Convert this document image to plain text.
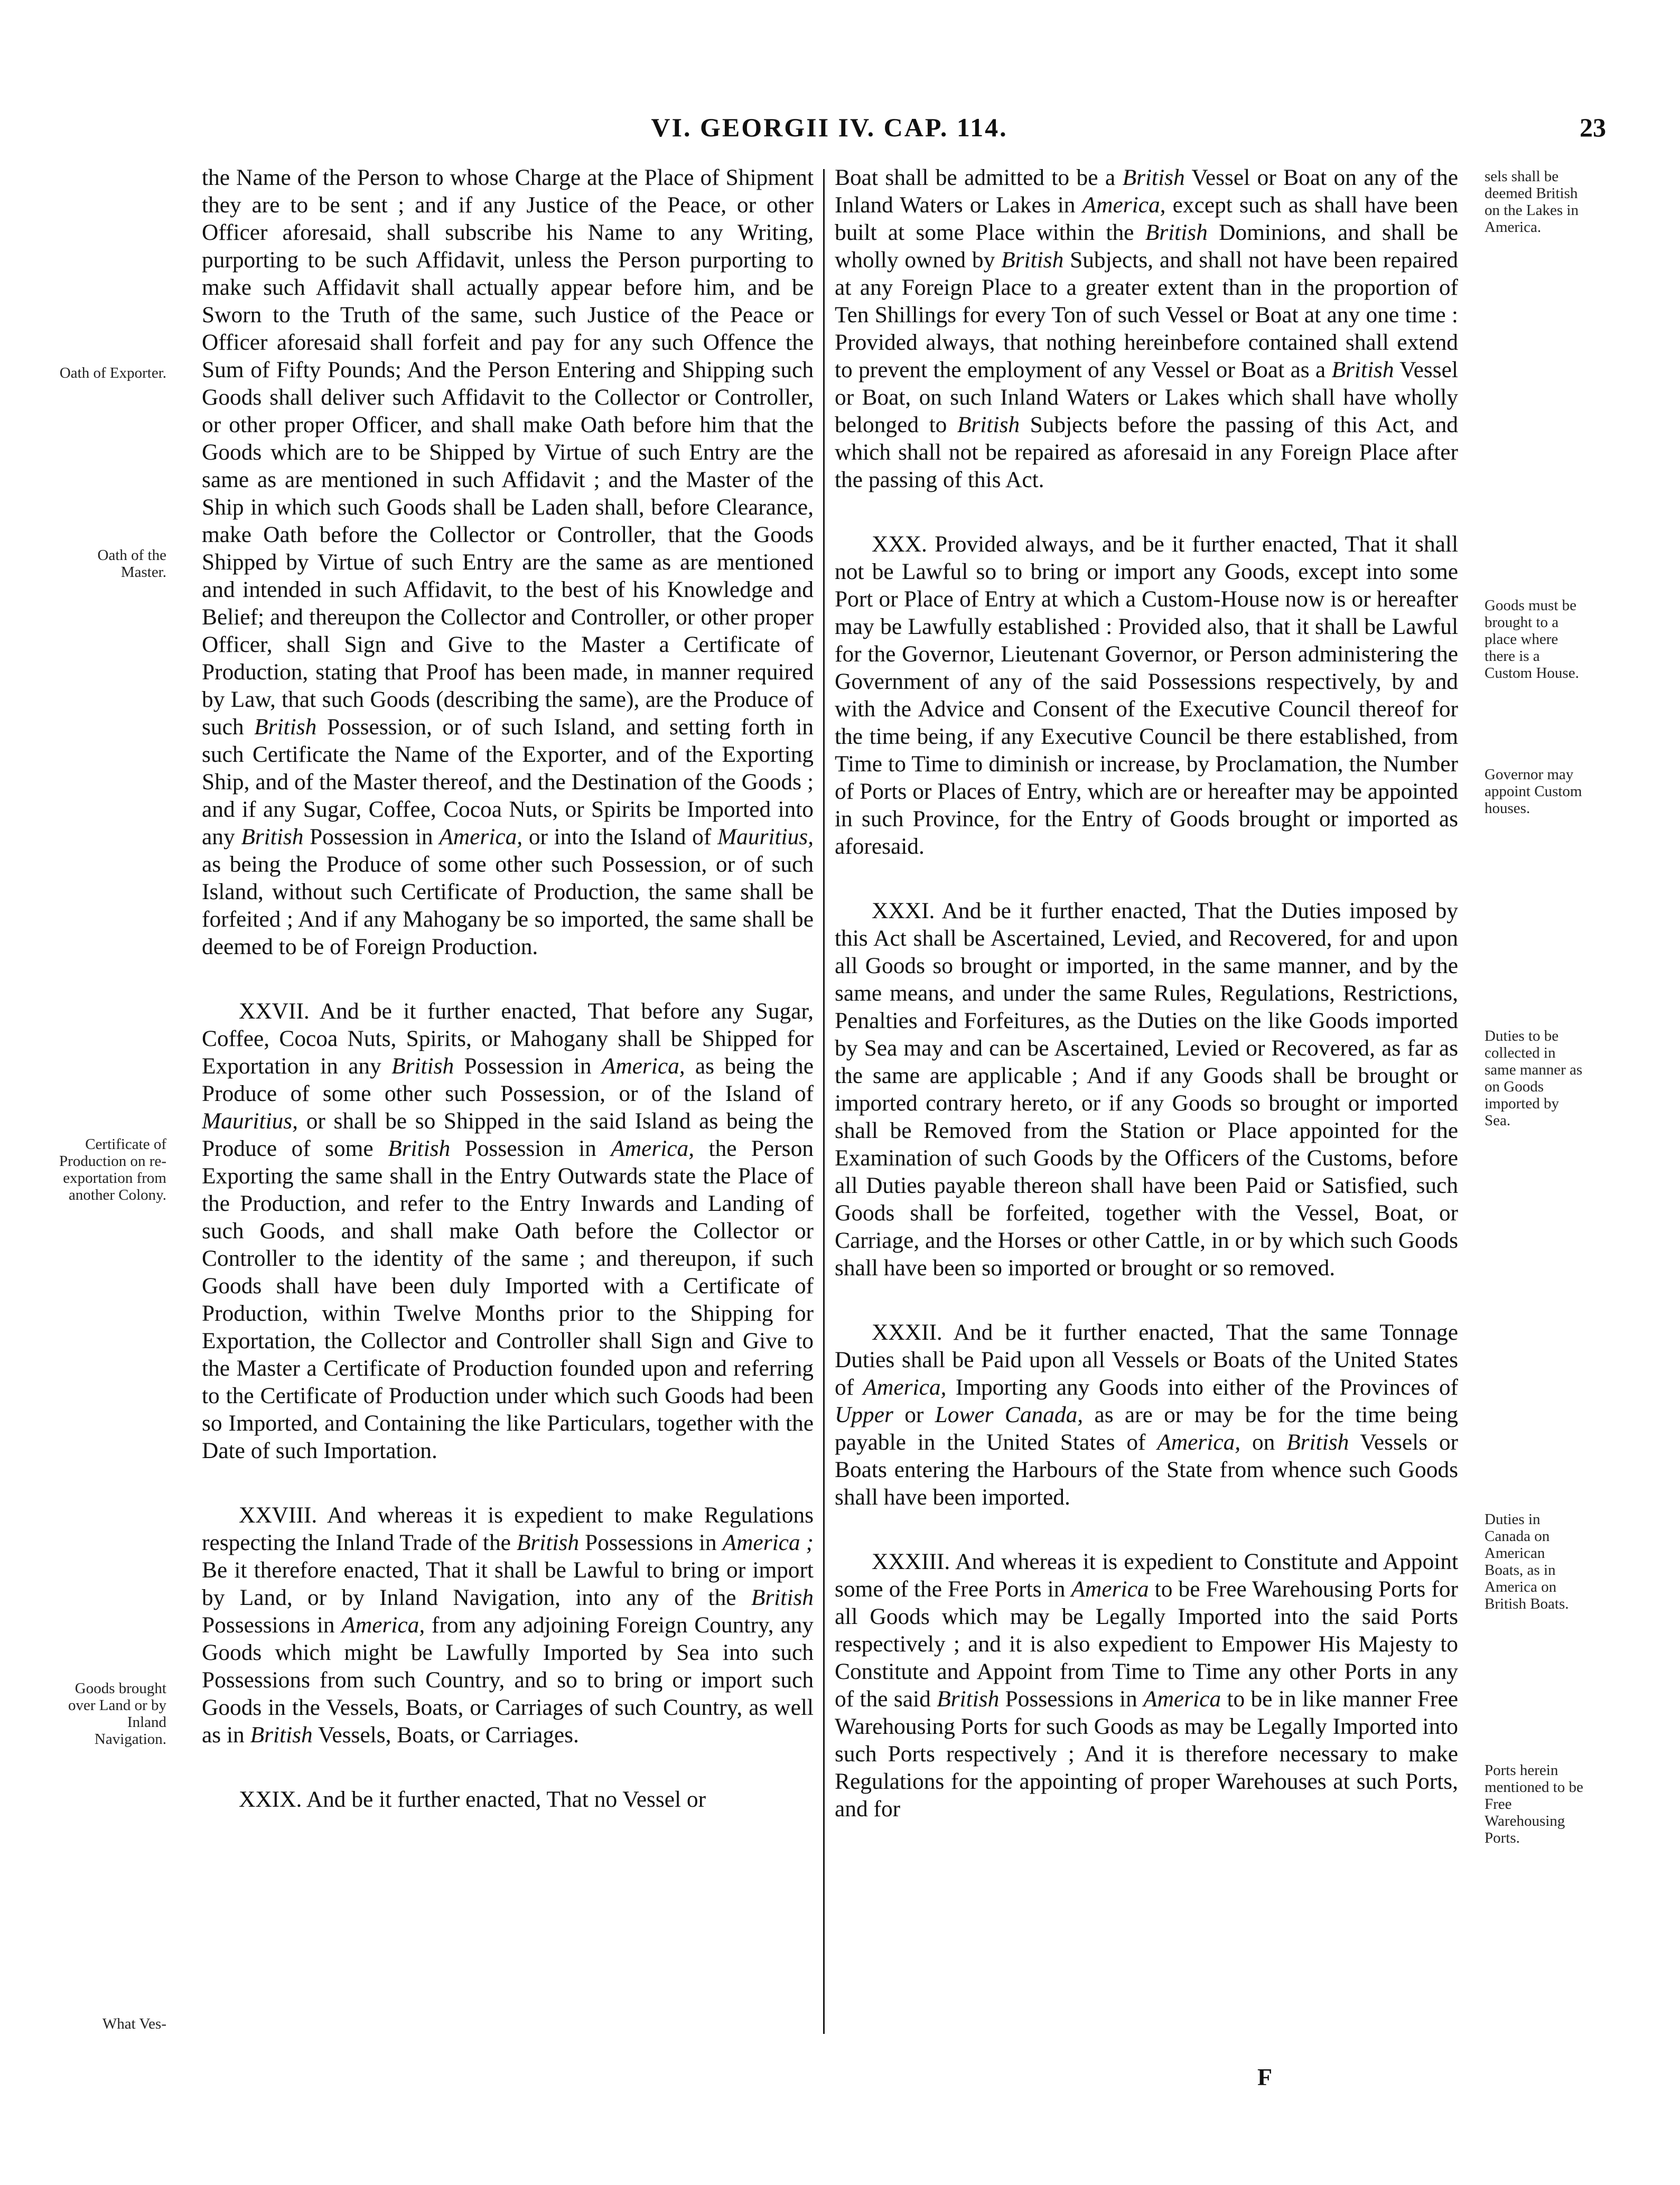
VI. GEORGII IV. CAP. 114.	23

the Name of the Person to whose Charge at the Place of Shipment they are to be sent ; and if any Justice of the Peace, or other Officer aforesaid, shall subscribe his Name to any Writing, purporting to be such Affidavit, unless the Person purporting to make such Affidavit shall actually appear before him, and be Sworn to the Truth of the same, such Justice of the Peace or Officer aforesaid shall forfeit and pay for any such Offence the Sum of Fifty Pounds; And the Person Entering and Shipping such Goods shall deliver such Affidavit to the Collector or Controller, or other proper Officer, and shall make Oath before him that the Goods which are to be Shipped by Virtue of such Entry are the same as are mentioned in such Affidavit ; and the Master of the Ship in which such Goods shall be Laden shall, before Clearance, make Oath before the Collector or Controller, that the Goods Shipped by Virtue of such Entry are the same as are mentioned and intended in such Affidavit, to the best of his Knowledge and Belief; and thereupon the Collector and Controller, or other proper Officer, shall Sign and Give to the Master a Certificate of Production, stating that Proof has been made, in manner required by Law, that such Goods (describing the same), are the Produce of such British Possession, or of such Island, and setting forth in such Certificate the Name of the Exporter, and of the Exporting Ship, and of the Master thereof, and the Destination of the Goods ; and if any Sugar, Coffee, Cocoa Nuts, or Spirits be Imported into any British Possession in America, or into the Island of Mauritius, as being the Produce of some other such Possession, or of such Island, without such Certificate of Production, the same shall be forfeited ; And if any Mahogany be so imported, the same shall be deemed to be of Foreign Production.

XXVII. And be it further enacted, That before any Sugar, Coffee, Cocoa Nuts, Spirits, or Mahogany shall be Shipped for Exportation in any British Possession in America, as being the Produce of some other such Possession, or of the Island of Mauritius, or shall be so Shipped in the said Island as being the Produce of some British Possession in America, the Person Exporting the same shall in the Entry Outwards state the Place of the Production, and refer to the Entry Inwards and Landing of such Goods, and shall make Oath before the Collector or Controller to the identity of the same ; and thereupon, if such Goods shall have been duly Imported with a Certificate of Production, within Twelve Months prior to the Shipping for Exportation, the Collector and Controller shall Sign and Give to the Master a Certificate of Production founded upon and referring to the Certificate of Production under which such Goods had been so Imported, and Containing the like Particulars, together with the Date of such Importation.

XXVIII. And whereas it is expedient to make Regulations respecting the Inland Trade of the British Possessions in America ; Be it therefore enacted, That it shall be Lawful to bring or import by Land, or by Inland Navigation, into any of the British Possessions in America, from any adjoining Foreign Country, any Goods which might be Lawfully Imported by Sea into such Possessions from such Country, and so to bring or import such Goods in the Vessels, Boats, or Carriages of such Country, as well as in British Vessels, Boats, or Carriages.

XXIX. And be it further enacted, That no Vessel or

Boat shall be admitted to be a British Vessel or Boat on any of the Inland Waters or Lakes in America, except such as shall have been built at some Place within the British Dominions, and shall be wholly owned by British Subjects, and shall not have been repaired at any Foreign Place to a greater extent than in the proportion of Ten Shillings for every Ton of such Vessel or Boat at any one time : Provided always, that nothing hereinbefore contained shall extend to prevent the employment of any Vessel or Boat as a British Vessel or Boat, on such Inland Waters or Lakes which shall have wholly belonged to British Subjects before the passing of this Act, and which shall not be repaired as aforesaid in any Foreign Place after the passing of this Act.

XXX. Provided always, and be it further enacted, That it shall not be Lawful so to bring or import any Goods, except into some Port or Place of Entry at which a Custom-House now is or hereafter may be Lawfully established : Provided also, that it shall be Lawful for the Governor, Lieutenant Governor, or Person administering the Government of any of the said Possessions respectively, by and with the Advice and Consent of the Executive Council thereof for the time being, if any Executive Council be there established, from Time to Time to diminish or increase, by Proclamation, the Number of Ports or Places of Entry, which are or hereafter may be appointed in such Province, for the Entry of Goods brought or imported as aforesaid.

XXXI. And be it further enacted, That the Duties imposed by this Act shall be Ascertained, Levied, and Recovered, for and upon all Goods so brought or imported, in the same manner, and by the same means, and under the same Rules, Regulations, Restrictions, Penalties and Forfeitures, as the Duties on the like Goods imported by Sea may and can be Ascertained, Levied or Recovered, as far as the same are applicable ; And if any Goods shall be brought or imported contrary hereto, or if any Goods so brought or imported shall be Removed from the Station or Place appointed for the Examination of such Goods by the Officers of the Customs, before all Duties payable thereon shall have been Paid or Satisfied, such Goods shall be forfeited, together with the Vessel, Boat, or Carriage, and the Horses or other Cattle, in or by which such Goods shall have been so imported or brought or so removed.

XXXII. And be it further enacted, That the same Tonnage Duties shall be Paid upon all Vessels or Boats of the United States of America, Importing any Goods into either of the Provinces of Upper or Lower Canada, as are or may be for the time being payable in the United States of America, on British Vessels or Boats entering the Harbours of the State from whence such Goods shall have been imported.

XXXIII. And whereas it is expedient to Constitute and Appoint some of the Free Ports in America to be Free Warehousing Ports for all Goods which may be Legally Imported into the said Ports respectively ; and it is also expedient to Empower His Majesty to Constitute and Appoint from Time to Time any other Ports in any of the said British Possessions in America to be in like manner Free Warehousing Ports for such Goods as may be Legally Imported into such Ports respectively ; And it is therefore necessary to make Regulations for the appointing of proper Warehouses at such Ports, and for

Oath of Exporter.
Oath of the Master.
Certificate of Production on re-exportation from another Colony.
Goods brought over Land or by Inland Navigation.
What Ves-
sels shall be deemed British on the Lakes in America.
Goods must be brought to a place where there is a Custom House.
Governor may appoint Custom houses.
Duties to be collected in same manner as on Goods imported by Sea.
Duties in Canada on American Boats, as in America on British Boats.
Ports herein mentioned to be Free Warehousing Ports.
F
